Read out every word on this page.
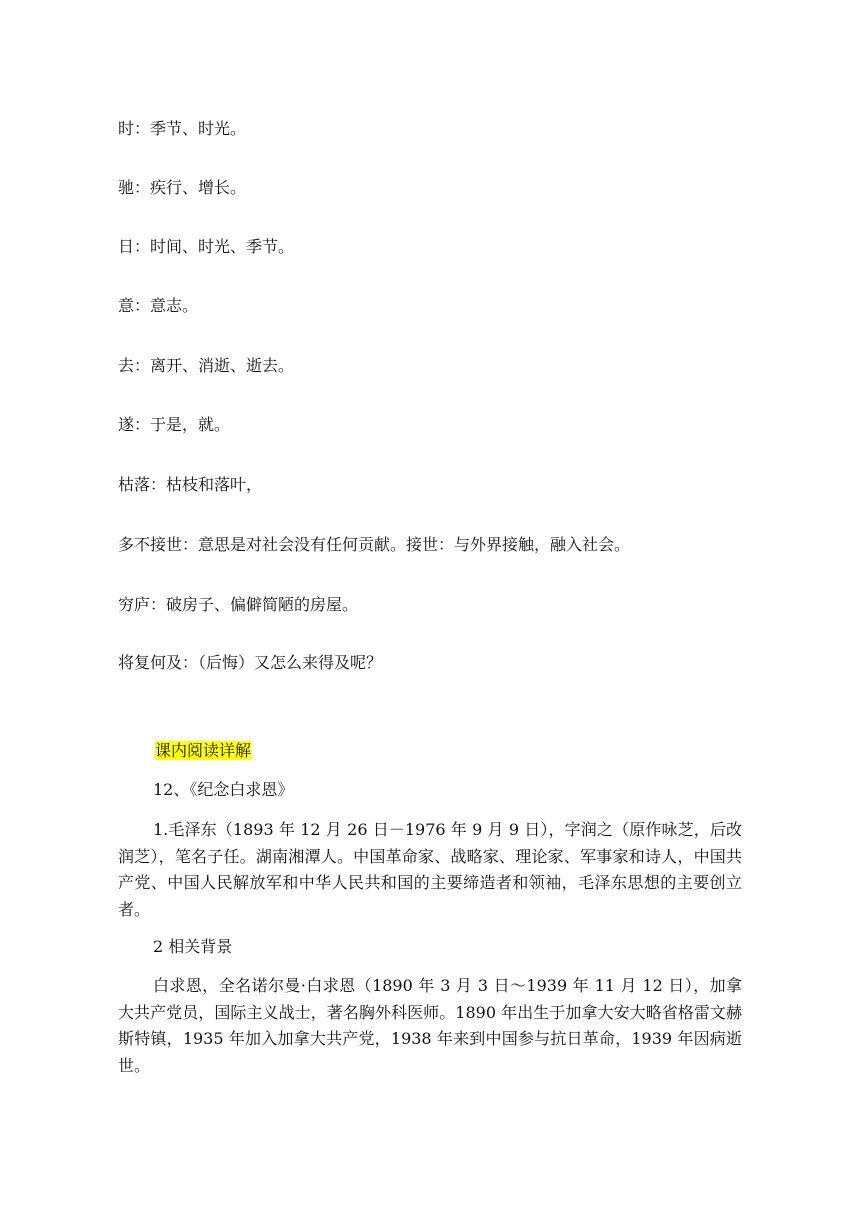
时：季节、时光。

驰：疾行、增长。

日：时间、时光、季节。

意：意志。

去：离开、消逝、逝去。

遂：于是，就。

枯落：枯枝和落叶，

多不接世：意思是对社会没有任何贡献。接世：与外界接触，融入社会。

穷庐：破房子、偏僻简陋的房屋。

将复何及：（后悔）又怎么来得及呢？

课内阅读详解

12、《纪念白求恩》

1.毛泽东（1893 年 12 月 26 日－1976 年 9 月 9 日），字润之（原作咏芝，后改润芝），笔名子任。湖南湘潭人。中国革命家、战略家、理论家、军事家和诗人，中国共产党、中国人民解放军和中华人民共和国的主要缔造者和领袖，毛泽东思想的主要创立者。

2 相关背景

白求恩，全名诺尔曼·白求恩（1890 年 3 月 3 日～1939 年 11 月 12 日），加拿大共产党员，国际主义战士，著名胸外科医师。1890 年出生于加拿大安大略省格雷文赫斯特镇，1935 年加入加拿大共产党，1938 年来到中国参与抗日革命，1939 年因病逝世。
